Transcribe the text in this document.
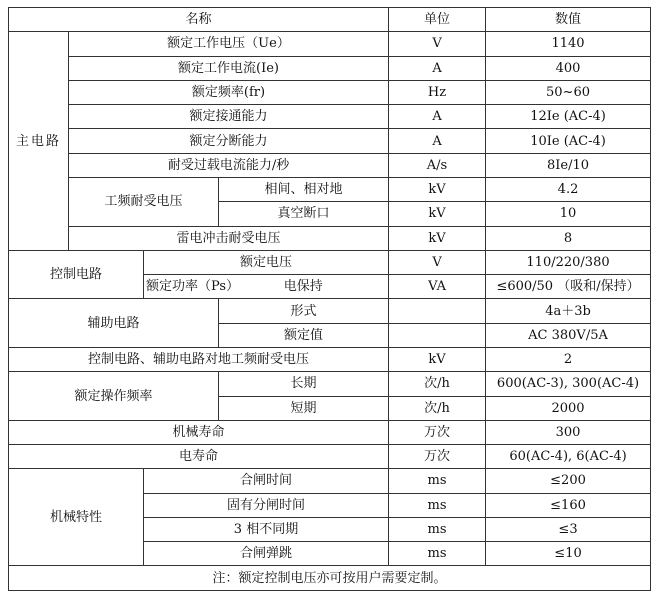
名称				单位	数值
主电路	额定工作电压（Ue）			V	1140
	额定工作电流(Ie)			A	400
	额定频率(fr)			Hz	50~60
	额定接通能力			A	12Ie (AC-4)
	额定分断能力			A	10Ie (AC-4)
	耐受过载电流能力/秒			A/s	8Ie/10
	工频耐受电压		相间、相对地	kV	4.2
			真空断口	kV	10
	雷电冲击耐受电压			kV	8
控制电路		额定电压		V	110/220/380
		额定功率（Ps）	电保持	VA	≤600/50 （吸和/保持）
辅助电路			形式		4a＋3b
			额定值		AC 380V/5A
控制电路、辅助电路对地工频耐受电压				kV	2
额定操作频率			长期	次/h	600(AC-3), 300(AC-4)
			短期	次/h	2000
机械寿命				万次	300
电寿命				万次	60(AC-4), 6(AC-4)
机械特性		合闸时间		ms	≤200
		固有分闸时间		ms	≤160
		3 相不同期		ms	≤3
		合闸弹跳		ms	≤10
注：额定控制电压亦可按用户需要定制。					
